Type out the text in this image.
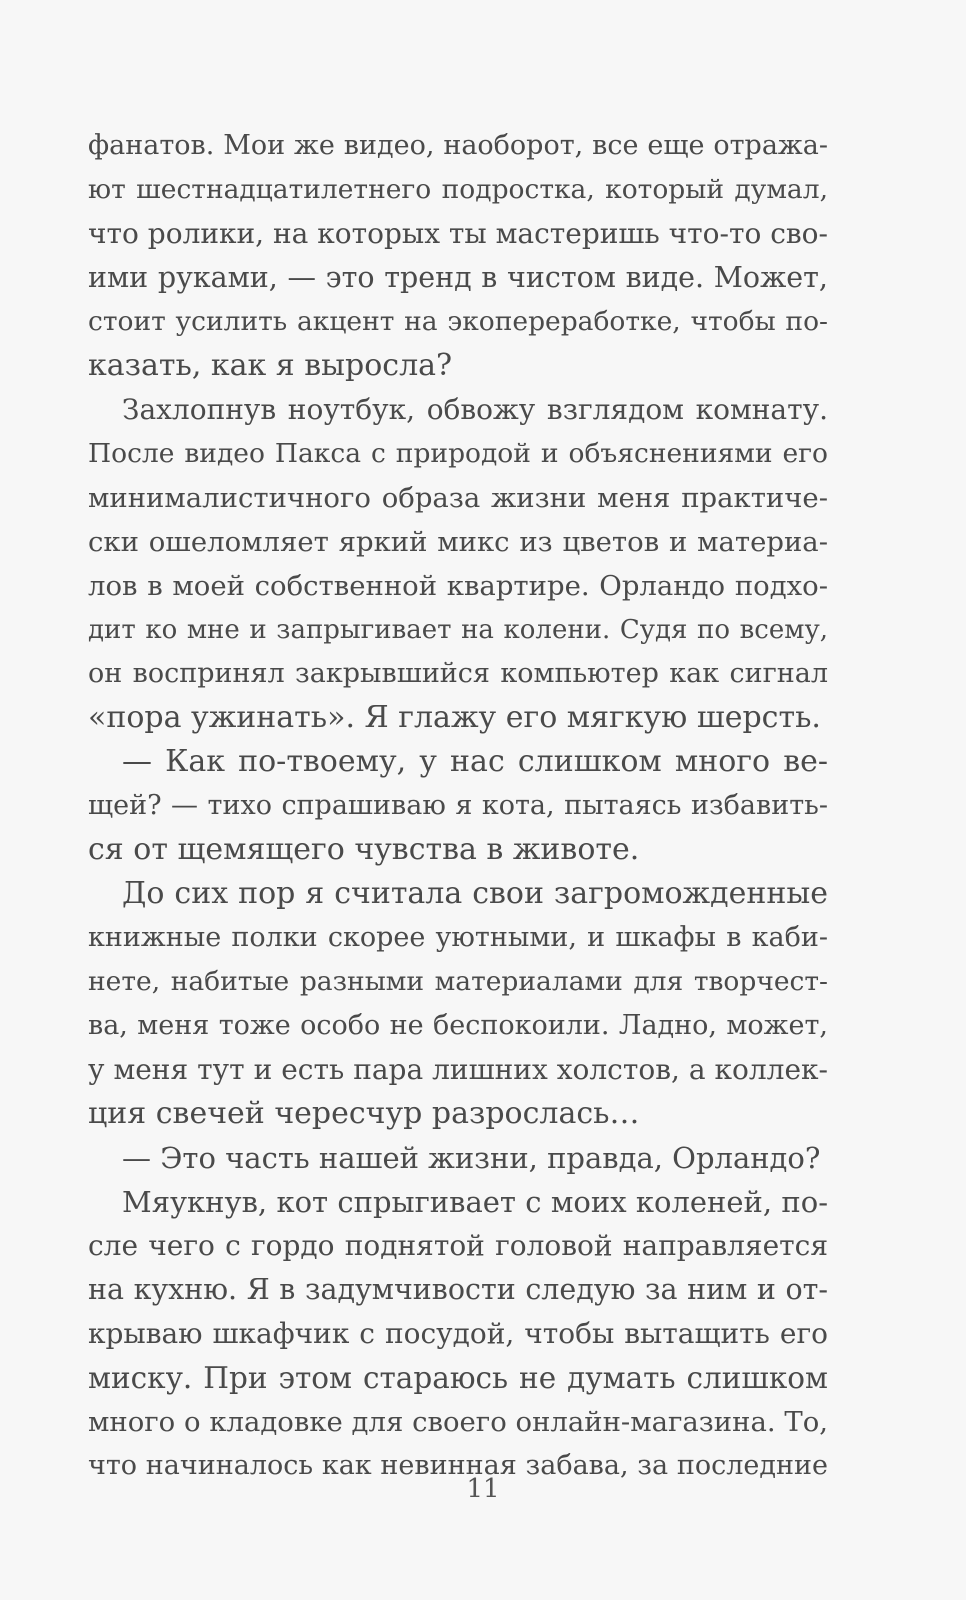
фанатов. Мои же видео, наоборот, все еще отража-
ют шестнадцатилетнего подростка, который думал,
что ролики, на которых ты мастеришь что-то сво-
ими руками, — это тренд в чистом виде. Может,
стоит усилить акцент на экопереработке, чтобы по-
казать, как я выросла?
Захлопнув ноутбук, обвожу взглядом комнату.
После видео Пакса с природой и объяснениями его
минималистичного образа жизни меня практиче-
ски ошеломляет яркий микс из цветов и материа-
лов в моей собственной квартире. Орландо подхо-
дит ко мне и запрыгивает на колени. Судя по всему,
он воспринял закрывшийся компьютер как сигнал
«пора ужинать». Я глажу его мягкую шерсть.
— Как по-твоему, у нас слишком много ве-
щей? — тихо спрашиваю я кота, пытаясь избавить-
ся от щемящего чувства в животе.
До сих пор я считала свои загроможденные
книжные полки скорее уютными, и шкафы в каби-
нете, набитые разными материалами для творчест-
ва, меня тоже особо не беспокоили. Ладно, может,
у меня тут и есть пара лишних холстов, а коллек-
ция свечей чересчур разрослась…
— Это часть нашей жизни, правда, Орландо?
Мяукнув, кот спрыгивает с моих коленей, по-
сле чего с гордо поднятой головой направляется
на кухню. Я в задумчивости следую за ним и от-
крываю шкафчик с посудой, чтобы вытащить его
миску. При этом стараюсь не думать слишком
много о кладовке для своего онлайн-магазина. То,
что начиналось как невинная забава, за последние
11
